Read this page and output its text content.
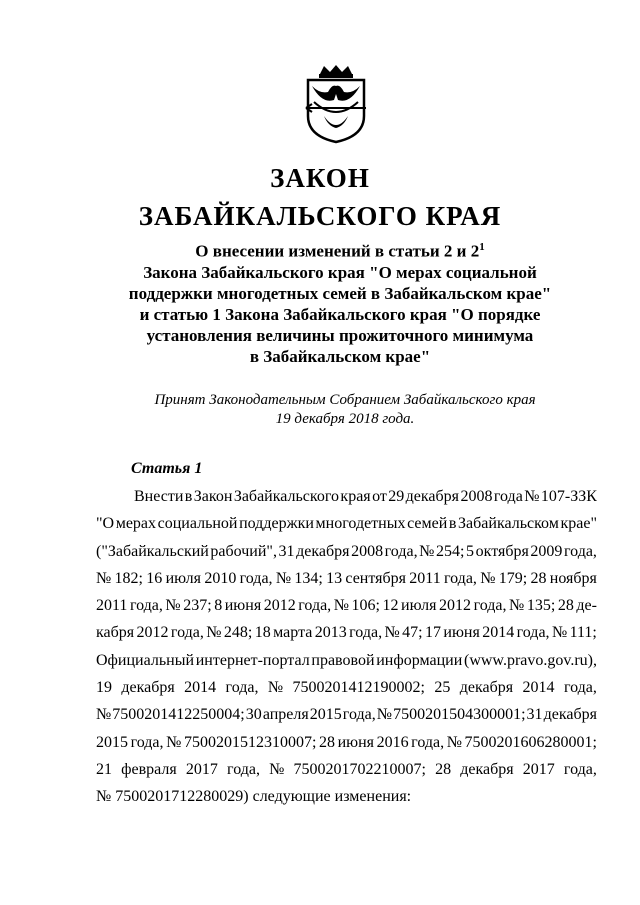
ЗАКОН
ЗАБАЙКАЛЬСКОГО КРАЯ
О внесении изменений в статьи 2 и $2^1$
Закона Забайкальского края "О мерах социальной
поддержки многодетных семей в Забайкальском крае"
и статью 1 Закона Забайкальского края "О порядке
установления величины прожиточного минимума
в Забайкальском крае"
Принят Законодательным Собранием Забайкальского края
19 декабря 2018 года.
Статья 1
Внести в Закон Забайкальского края от 29 декабря 2008 года № 107-ЗЗК
"О мерах социальной поддержки многодетных семей в Забайкальском крае"
("Забайкальский рабочий", 31 декабря 2008 года, № 254; 5 октября 2009 года,
№ 182; 16 июля 2010 года, № 134; 13 сентября 2011 года, № 179; 28 ноября
2011 года, № 237; 8 июня 2012 года, № 106; 12 июля 2012 года, № 135; 28 де-
кабря 2012 года, № 248; 18 марта 2013 года, № 47; 17 июня 2014 года, № 111;
Официальный интернет-портал правовой информации (www.pravo.gov.ru),
19 декабря 2014 года, № 7500201412190002; 25 декабря 2014 года,
№ 7500201412250004; 30 апреля 2015 года, № 7500201504300001; 31 декабря
2015 года, № 7500201512310007; 28 июня 2016 года, № 7500201606280001;
21 февраля 2017 года, № 7500201702210007; 28 декабря 2017 года,
№ 7500201712280029) следующие изменения:
